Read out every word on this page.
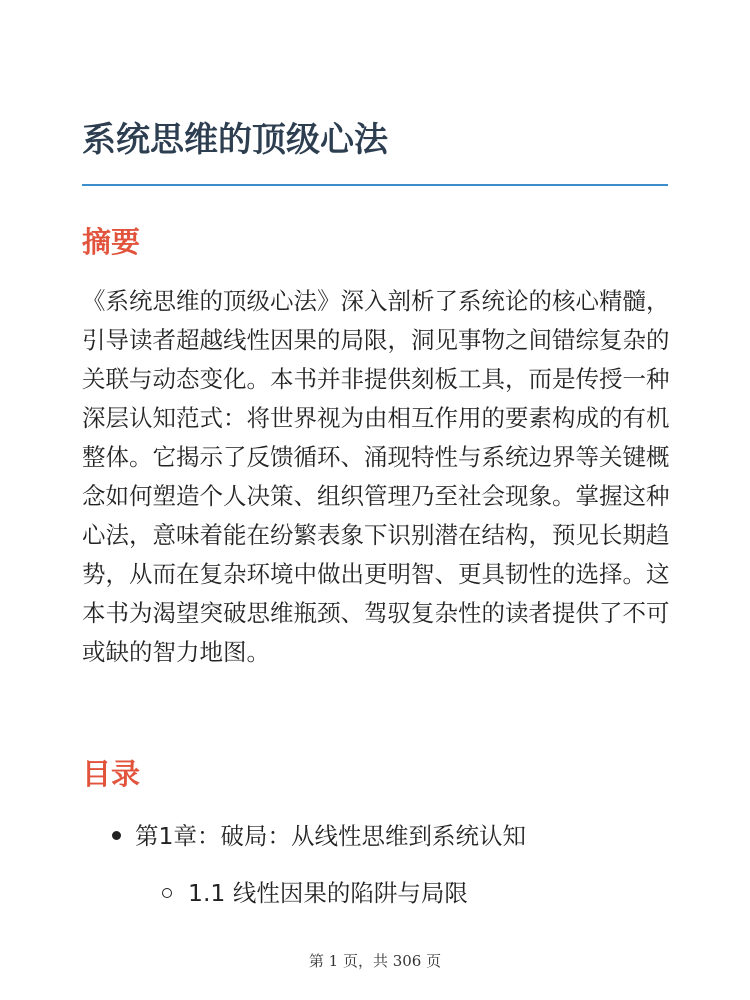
系统思维的顶级心法
摘要

《系统思维的顶级心法》深入剖析了系统论的核心精髓，引导读者超越线性因果的局限，洞见事物之间错综复杂的关联与动态变化。本书并非提供刻板工具，而是传授一种深层认知范式：将世界视为由相互作用的要素构成的有机整体。它揭示了反馈循环、涌现特性与系统边界等关键概念如何塑造个人决策、组织管理乃至社会现象。掌握这种心法，意味着能在纷繁表象下识别潜在结构，预见长期趋势，从而在复杂环境中做出更明智、更具韧性的选择。这本书为渴望突破思维瓶颈、驾驭复杂性的读者提供了不可或缺的智力地图。

目录
第1章：破局：从线性思维到系统认知
1.1 线性因果的陷阱与局限
第 1 页，共 306 页
